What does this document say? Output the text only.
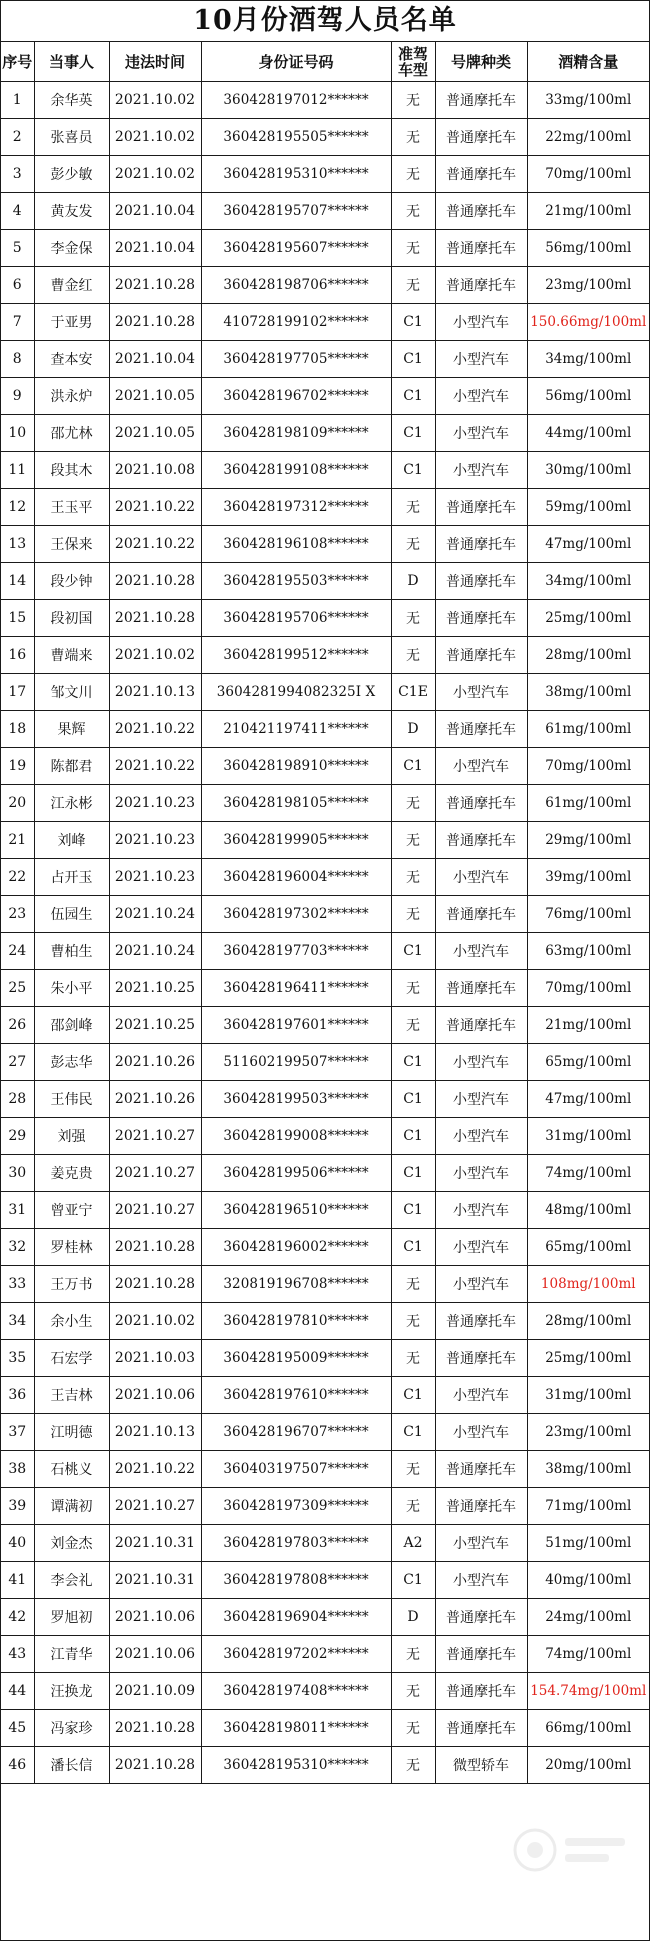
10月份酒驾人员名单
序号	当事人	违法时间	身份证号码	准驾车型	号牌种类	酒精含量
1	余华英	2021.10.02	360428197012******	无	普通摩托车	33mg/100ml
2	张喜员	2021.10.02	360428195505******	无	普通摩托车	22mg/100ml
3	彭少敏	2021.10.02	360428195310******	无	普通摩托车	70mg/100ml
4	黄友发	2021.10.04	360428195707******	无	普通摩托车	21mg/100ml
5	李金保	2021.10.04	360428195607******	无	普通摩托车	56mg/100ml
6	曹金红	2021.10.28	360428198706******	无	普通摩托车	23mg/100ml
7	于亚男	2021.10.28	410728199102******	C1	小型汽车	150.66mg/100ml
8	查本安	2021.10.04	360428197705******	C1	小型汽车	34mg/100ml
9	洪永炉	2021.10.05	360428196702******	C1	小型汽车	56mg/100ml
10	邵尤林	2021.10.05	360428198109******	C1	小型汽车	44mg/100ml
11	段其木	2021.10.08	360428199108******	C1	小型汽车	30mg/100ml
12	王玉平	2021.10.22	360428197312******	无	普通摩托车	59mg/100ml
13	王保来	2021.10.22	360428196108******	无	普通摩托车	47mg/100ml
14	段少钟	2021.10.28	360428195503******	D	普通摩托车	34mg/100ml
15	段初国	2021.10.28	360428195706******	无	普通摩托车	25mg/100ml
16	曹端来	2021.10.02	360428199512******	无	普通摩托车	28mg/100ml
17	邹文川	2021.10.13	3604281994082325I X	C1E	小型汽车	38mg/100ml
18	果辉	2021.10.22	210421197411******	D	普通摩托车	61mg/100ml
19	陈都君	2021.10.22	360428198910******	C1	小型汽车	70mg/100ml
20	江永彬	2021.10.23	360428198105******	无	普通摩托车	61mg/100ml
21	刘峰	2021.10.23	360428199905******	无	普通摩托车	29mg/100ml
22	占开玉	2021.10.23	360428196004******	无	小型汽车	39mg/100ml
23	伍园生	2021.10.24	360428197302******	无	普通摩托车	76mg/100ml
24	曹柏生	2021.10.24	360428197703******	C1	小型汽车	63mg/100ml
25	朱小平	2021.10.25	360428196411******	无	普通摩托车	70mg/100ml
26	邵剑峰	2021.10.25	360428197601******	无	普通摩托车	21mg/100ml
27	彭志华	2021.10.26	511602199507******	C1	小型汽车	65mg/100ml
28	王伟民	2021.10.26	360428199503******	C1	小型汽车	47mg/100ml
29	刘强	2021.10.27	360428199008******	C1	小型汽车	31mg/100ml
30	姜克贵	2021.10.27	360428199506******	C1	小型汽车	74mg/100ml
31	曾亚宁	2021.10.27	360428196510******	C1	小型汽车	48mg/100ml
32	罗桂林	2021.10.28	360428196002******	C1	小型汽车	65mg/100ml
33	王万书	2021.10.28	320819196708******	无	小型汽车	108mg/100ml
34	余小生	2021.10.02	360428197810******	无	普通摩托车	28mg/100ml
35	石宏学	2021.10.03	360428195009******	无	普通摩托车	25mg/100ml
36	王吉林	2021.10.06	360428197610******	C1	小型汽车	31mg/100ml
37	江明德	2021.10.13	360428196707******	C1	小型汽车	23mg/100ml
38	石桃义	2021.10.22	360403197507******	无	普通摩托车	38mg/100ml
39	谭满初	2021.10.27	360428197309******	无	普通摩托车	71mg/100ml
40	刘金杰	2021.10.31	360428197803******	A2	小型汽车	51mg/100ml
41	李会礼	2021.10.31	360428197808******	C1	小型汽车	40mg/100ml
42	罗旭初	2021.10.06	360428196904******	D	普通摩托车	24mg/100ml
43	江青华	2021.10.06	360428197202******	无	普通摩托车	74mg/100ml
44	汪换龙	2021.10.09	360428197408******	无	普通摩托车	154.74mg/100ml
45	冯家珍	2021.10.28	360428198011******	无	普通摩托车	66mg/100ml
46	潘长信	2021.10.28	360428195310******	无	微型轿车	20mg/100ml
